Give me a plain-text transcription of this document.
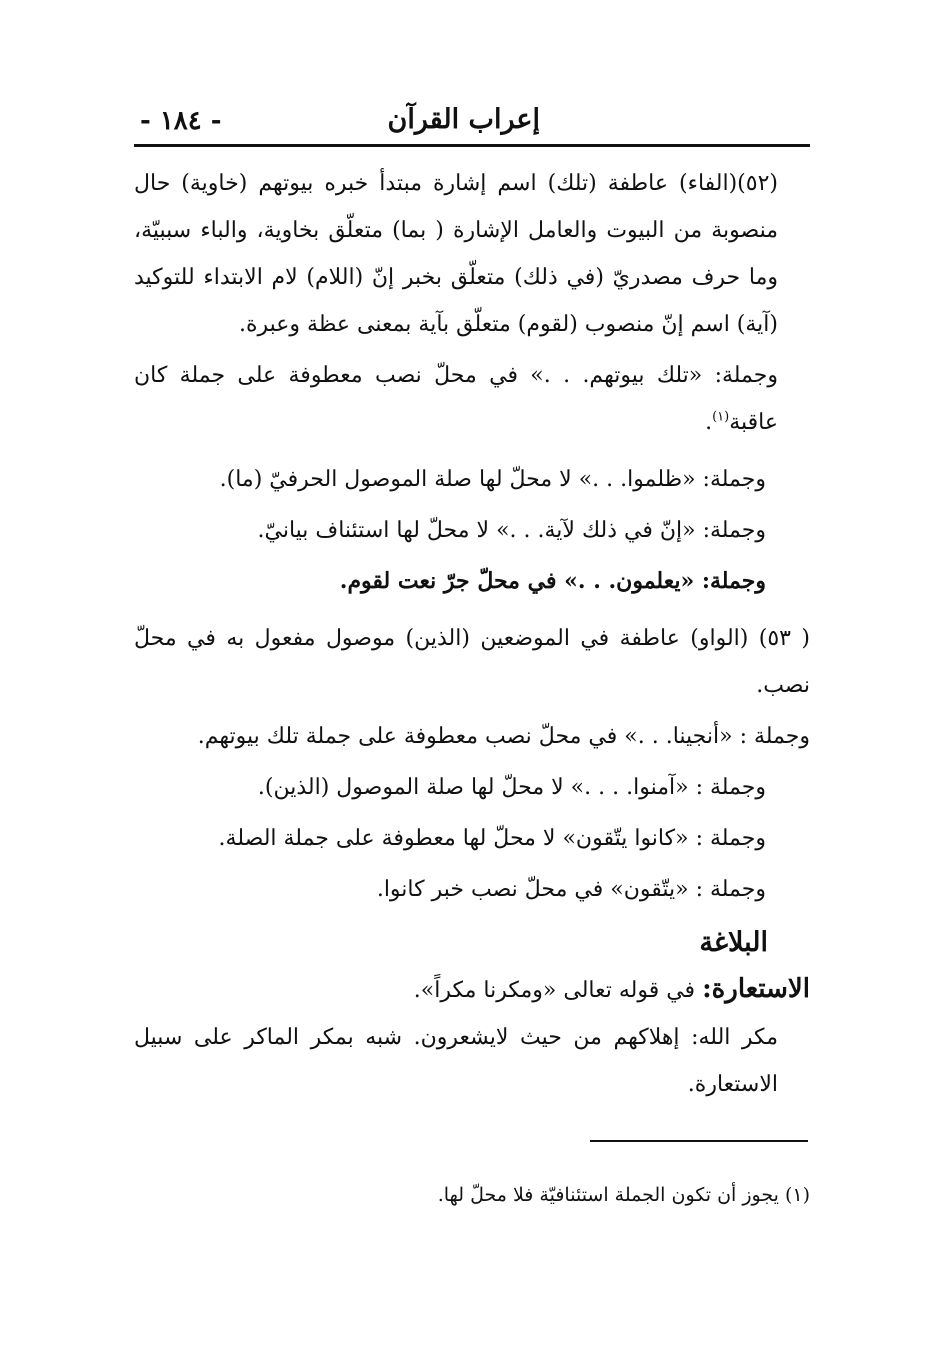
إعراب القرآن
- ١٨٤ -

(٥٢)(الفاء) عاطفة (تلك) اسم إشارة مبتدأ خبره بيوتهم (خاوية) حال منصوبة من البيوت والعامل الإشارة ( بما) متعلّق بخاوية، والباء سببيّة، وما حرف مصدريّ (في ذلك) متعلّق بخبر إنّ (اللام) لام الابتداء للتوكيد (آية) اسم إنّ منصوب (لقوم) متعلّق بآية بمعنى عظة وعبرة.

وجملة: «تلك بيوتهم. . .» في محلّ نصب معطوفة على جملة كان عاقبة$^{(١)}$.

وجملة: «ظلموا. . .» لا محلّ لها صلة الموصول الحرفيّ (ما).

وجملة: «إنّ في ذلك لآية. . .» لا محلّ لها استئناف بيانيّ.

وجملة: «يعلمون. . .» في محلّ جرّ نعت لقوم.

( ٥٣) (الواو) عاطفة في الموضعين (الذين) موصول مفعول به في محلّ نصب.

وجملة : «أنجينا. . .» في محلّ نصب معطوفة على جملة تلك بيوتهم.

وجملة : «آمنوا. . . .» لا محلّ لها صلة الموصول (الذين).

وجملة : «كانوا يتّقون» لا محلّ لها معطوفة على جملة الصلة.

وجملة : «يتّقون» في محلّ نصب خبر كانوا.

البلاغة

الاستعارة: في قوله تعالى «ومكرنا مكراً».

مكر الله: إهلاكهم من حيث لايشعرون. شبه بمكر الماكر على سبيل الاستعارة.

(١) يجوز أن تكون الجملة استئنافيّة فلا محلّ لها.
